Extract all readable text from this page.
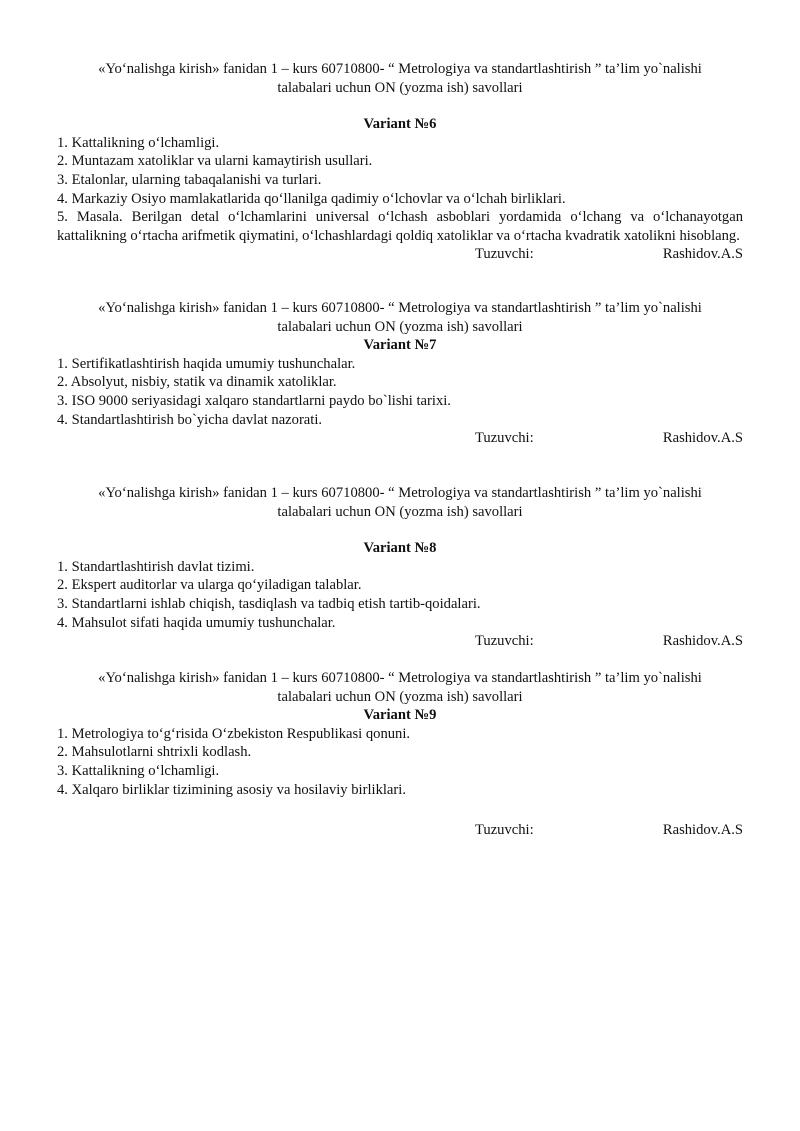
«Yo‘nalishga kirish» fanidan 1 – kurs 60710800- “ Metrologiya va standartlashtirish ” ta’lim yo`nalishi
talabalari uchun ON (yozma ish) savollari
Variant №6
1. Kattalikning o‘lchamligi.
2. Muntazam xatoliklar va ularni kamaytirish usullari.
3. Etalonlar, ularning tabaqalanishi va turlari.
4. Markaziy Osiyo mamlakatlarida qo‘llanilga qadimiy o‘lchovlar va o‘lchah birliklari.
5. Masala. Berilgan detal o‘lchamlarini universal o‘lchash asboblari yordamida o‘lchang va o‘lchanayotgan kattalikning o‘rtacha arifmetik qiymatini, o‘lchashlardagi qoldiq xatoliklar va o‘rtacha kvadratik xatolikni hisoblang.
Tuzuvchi:	Rashidov.A.S
«Yo‘nalishga kirish» fanidan 1 – kurs 60710800- “ Metrologiya va standartlashtirish ” ta’lim yo`nalishi
talabalari uchun ON (yozma ish) savollari
Variant №7
1. Sertifikatlashtirish haqida umumiy tushunchalar.
2. Absolyut, nisbiy, statik va dinamik xatoliklar.
3. ISO 9000 seriyasidagi xalqaro standartlarni paydo bo`lishi tarixi.
4. Standartlashtirish bo`yicha davlat nazorati.
Tuzuvchi:	Rashidov.A.S
«Yo‘nalishga kirish» fanidan 1 – kurs 60710800- “ Metrologiya va standartlashtirish ” ta’lim yo`nalishi
talabalari uchun ON (yozma ish) savollari
Variant №8
1. Standartlashtirish davlat tizimi.
2. Ekspert auditorlar va ularga qo‘yiladigan talablar.
3. Standartlarni ishlab chiqish, tasdiqlash va tadbiq etish tartib-qoidalari.
4. Mahsulot sifati haqida umumiy tushunchalar.
Tuzuvchi:	Rashidov.A.S
«Yo‘nalishga kirish» fanidan 1 – kurs 60710800- “ Metrologiya va standartlashtirish ” ta’lim yo`nalishi
talabalari uchun ON (yozma ish) savollari
Variant №9
1. Metrologiya to‘g‘risida O‘zbekiston Respublikasi qonuni.
2. Mahsulotlarni shtrixli kodlash.
3. Kattalikning o‘lchamligi.
4. Xalqaro birliklar tizimining asosiy va hosilaviy birliklari.
Tuzuvchi:	Rashidov.A.S
